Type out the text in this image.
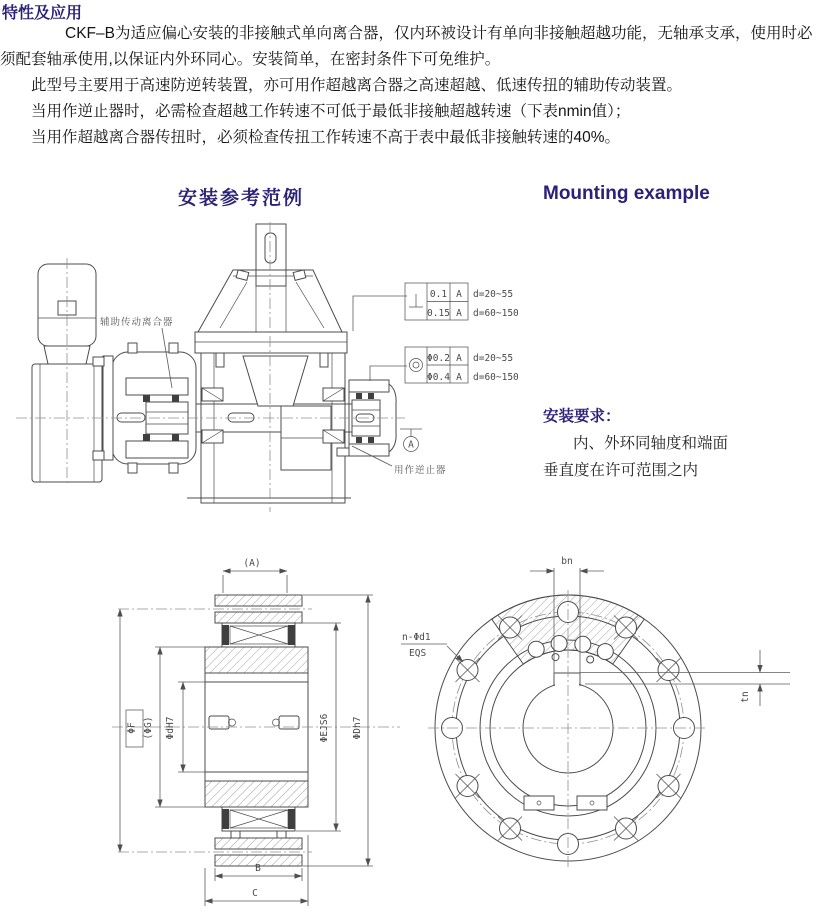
特性及应用

CKF–B为适应偏心安装的非接触式单向离合器，仅内环被设计有单向非接触超越功能，无轴承支承，使用时必须配套轴承使用,以保证内外环同心。安装简单，在密封条件下可免维护。

此型号主要用于高速防逆转装置，亦可用作超越离合器之高速超越、低速传扭的辅助传动装置。

当用作逆止器时，必需检查超越工作转速不可低于最低非接触超越转速（下表nmin值）；

当用作超越离合器传扭时，必须检查传扭工作转速不高于表中最低非接触转速的40%。

安装参考范例	Mounting example
辅助传动离合器
用作逆止器
A
0.1 A d=20~55
0.15 A d=60~150
Φ0.2 A d=20~55
Φ0.4 A d=60~150

安装要求：

内、外环同轴度和端面

垂直度在许可范围之内

(A)
ΦF (ΦG) ΦdH7	ΦEJS6 ΦDh7
B
C
bn
tn
n-Φd1
EQS
